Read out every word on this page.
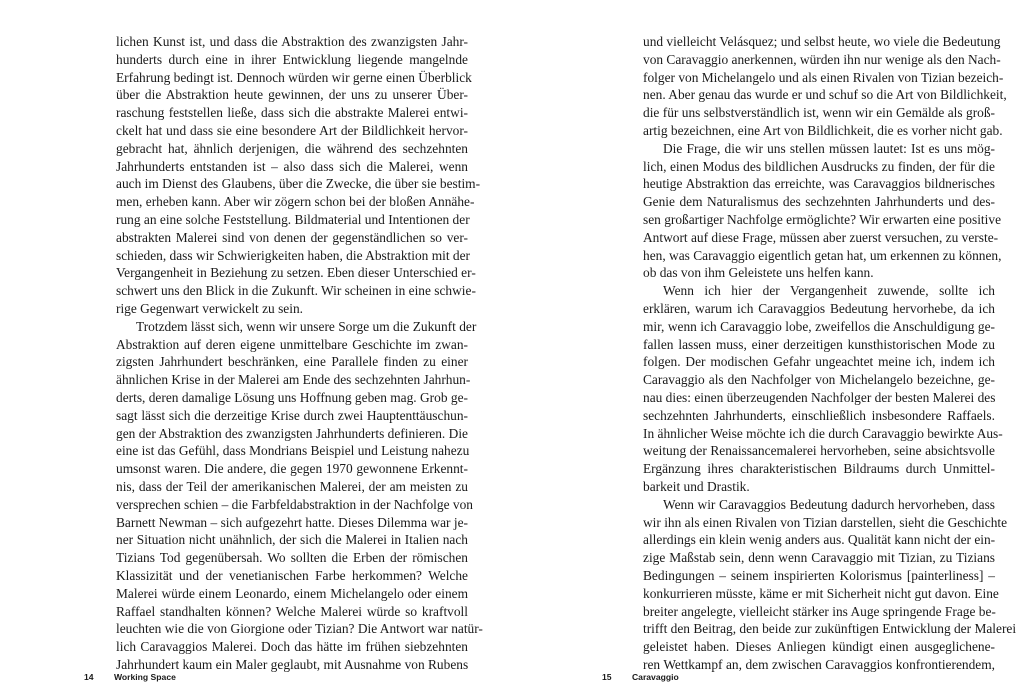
lichen Kunst ist, und dass die Abstraktion des zwanzigsten Jahr-
hunderts durch eine in ihrer Entwicklung liegende mangelnde
Erfahrung bedingt ist. Dennoch würden wir gerne einen Überblick
über die Abstraktion heute gewinnen, der uns zu unserer Über-
raschung feststellen ließe, dass sich die abstrakte Malerei entwi-
ckelt hat und dass sie eine besondere Art der Bildlichkeit hervor-
gebracht hat, ähnlich derjenigen, die während des sechzehnten
Jahrhunderts entstanden ist – also dass sich die Malerei, wenn
auch im Dienst des Glaubens, über die Zwecke, die über sie bestim-
men, erheben kann. Aber wir zögern schon bei der bloßen Annähe-
rung an eine solche Feststellung. Bildmaterial und Intentionen der
abstrakten Malerei sind von denen der gegenständlichen so ver-
schieden, dass wir Schwierigkeiten haben, die Abstraktion mit der
Vergangenheit in Beziehung zu setzen. Eben dieser Unterschied er-
schwert uns den Blick in die Zukunft. Wir scheinen in eine schwie-
rige Gegenwart verwickelt zu sein.
Trotzdem lässt sich, wenn wir unsere Sorge um die Zukunft der
Abstraktion auf deren eigene unmittelbare Geschichte im zwan-
zigsten Jahrhundert beschränken, eine Parallele finden zu einer
ähnlichen Krise in der Malerei am Ende des sechzehnten Jahrhun-
derts, deren damalige Lösung uns Hoffnung geben mag. Grob ge-
sagt lässt sich die derzeitige Krise durch zwei Hauptenttäuschun-
gen der Abstraktion des zwanzigsten Jahrhunderts definieren. Die
eine ist das Gefühl, dass Mondrians Beispiel und Leistung nahezu
umsonst waren. Die andere, die gegen 1970 gewonnene Erkennt-
nis, dass der Teil der amerikanischen Malerei, der am meisten zu
versprechen schien – die Farbfeldabstraktion in der Nachfolge von
Barnett Newman – sich aufgezehrt hatte. Dieses Dilemma war je-
ner Situation nicht unähnlich, der sich die Malerei in Italien nach
Tizians Tod gegenübersah. Wo sollten die Erben der römischen
Klassizität und der venetianischen Farbe herkommen? Welche
Malerei würde einem Leonardo, einem Michelangelo oder einem
Raffael standhalten können? Welche Malerei würde so kraftvoll
leuchten wie die von Giorgione oder Tizian? Die Antwort war natür-
lich Caravaggios Malerei. Doch das hätte im frühen siebzehnten
Jahrhundert kaum ein Maler geglaubt, mit Ausnahme von Rubens
14 Working Space
und vielleicht Velásquez; und selbst heute, wo viele die Bedeutung
von Caravaggio anerkennen, würden ihn nur wenige als den Nach-
folger von Michelangelo und als einen Rivalen von Tizian bezeich-
nen. Aber genau das wurde er und schuf so die Art von Bildlichkeit,
die für uns selbstverständlich ist, wenn wir ein Gemälde als groß-
artig bezeichnen, eine Art von Bildlichkeit, die es vorher nicht gab.
Die Frage, die wir uns stellen müssen lautet: Ist es uns mög-
lich, einen Modus des bildlichen Ausdrucks zu finden, der für die
heutige Abstraktion das erreichte, was Caravaggios bildnerisches
Genie dem Naturalismus des sechzehnten Jahrhunderts und des-
sen großartiger Nachfolge ermöglichte? Wir erwarten eine positive
Antwort auf diese Frage, müssen aber zuerst versuchen, zu verste-
hen, was Caravaggio eigentlich getan hat, um erkennen zu können,
ob das von ihm Geleistete uns helfen kann.
Wenn ich hier der Vergangenheit zuwende, sollte ich
erklären, warum ich Caravaggios Bedeutung hervorhebe, da ich
mir, wenn ich Caravaggio lobe, zweifellos die Anschuldigung ge-
fallen lassen muss, einer derzeitigen kunsthistorischen Mode zu
folgen. Der modischen Gefahr ungeachtet meine ich, indem ich
Caravaggio als den Nachfolger von Michelangelo bezeichne, ge-
nau dies: einen überzeugenden Nachfolger der besten Malerei des
sechzehnten Jahrhunderts, einschließlich insbesondere Raffaels.
In ähnlicher Weise möchte ich die durch Caravaggio bewirkte Aus-
weitung der Renaissancemalerei hervorheben, seine absichtsvolle
Ergänzung ihres charakteristischen Bildraums durch Unmittel-
barkeit und Drastik.
Wenn wir Caravaggios Bedeutung dadurch hervorheben, dass
wir ihn als einen Rivalen von Tizian darstellen, sieht die Geschichte
allerdings ein klein wenig anders aus. Qualität kann nicht der ein-
zige Maßstab sein, denn wenn Caravaggio mit Tizian, zu Tizians
Bedingungen – seinem inspirierten Kolorismus [painterliness] –
konkurrieren müsste, käme er mit Sicherheit nicht gut davon. Eine
breiter angelegte, vielleicht stärker ins Auge springende Frage be-
trifft den Beitrag, den beide zur zukünftigen Entwicklung der Malerei
geleistet haben. Dieses Anliegen kündigt einen ausgeglichene-
ren Wettkampf an, dem zwischen Caravaggios konfrontierendem,
15 Caravaggio
